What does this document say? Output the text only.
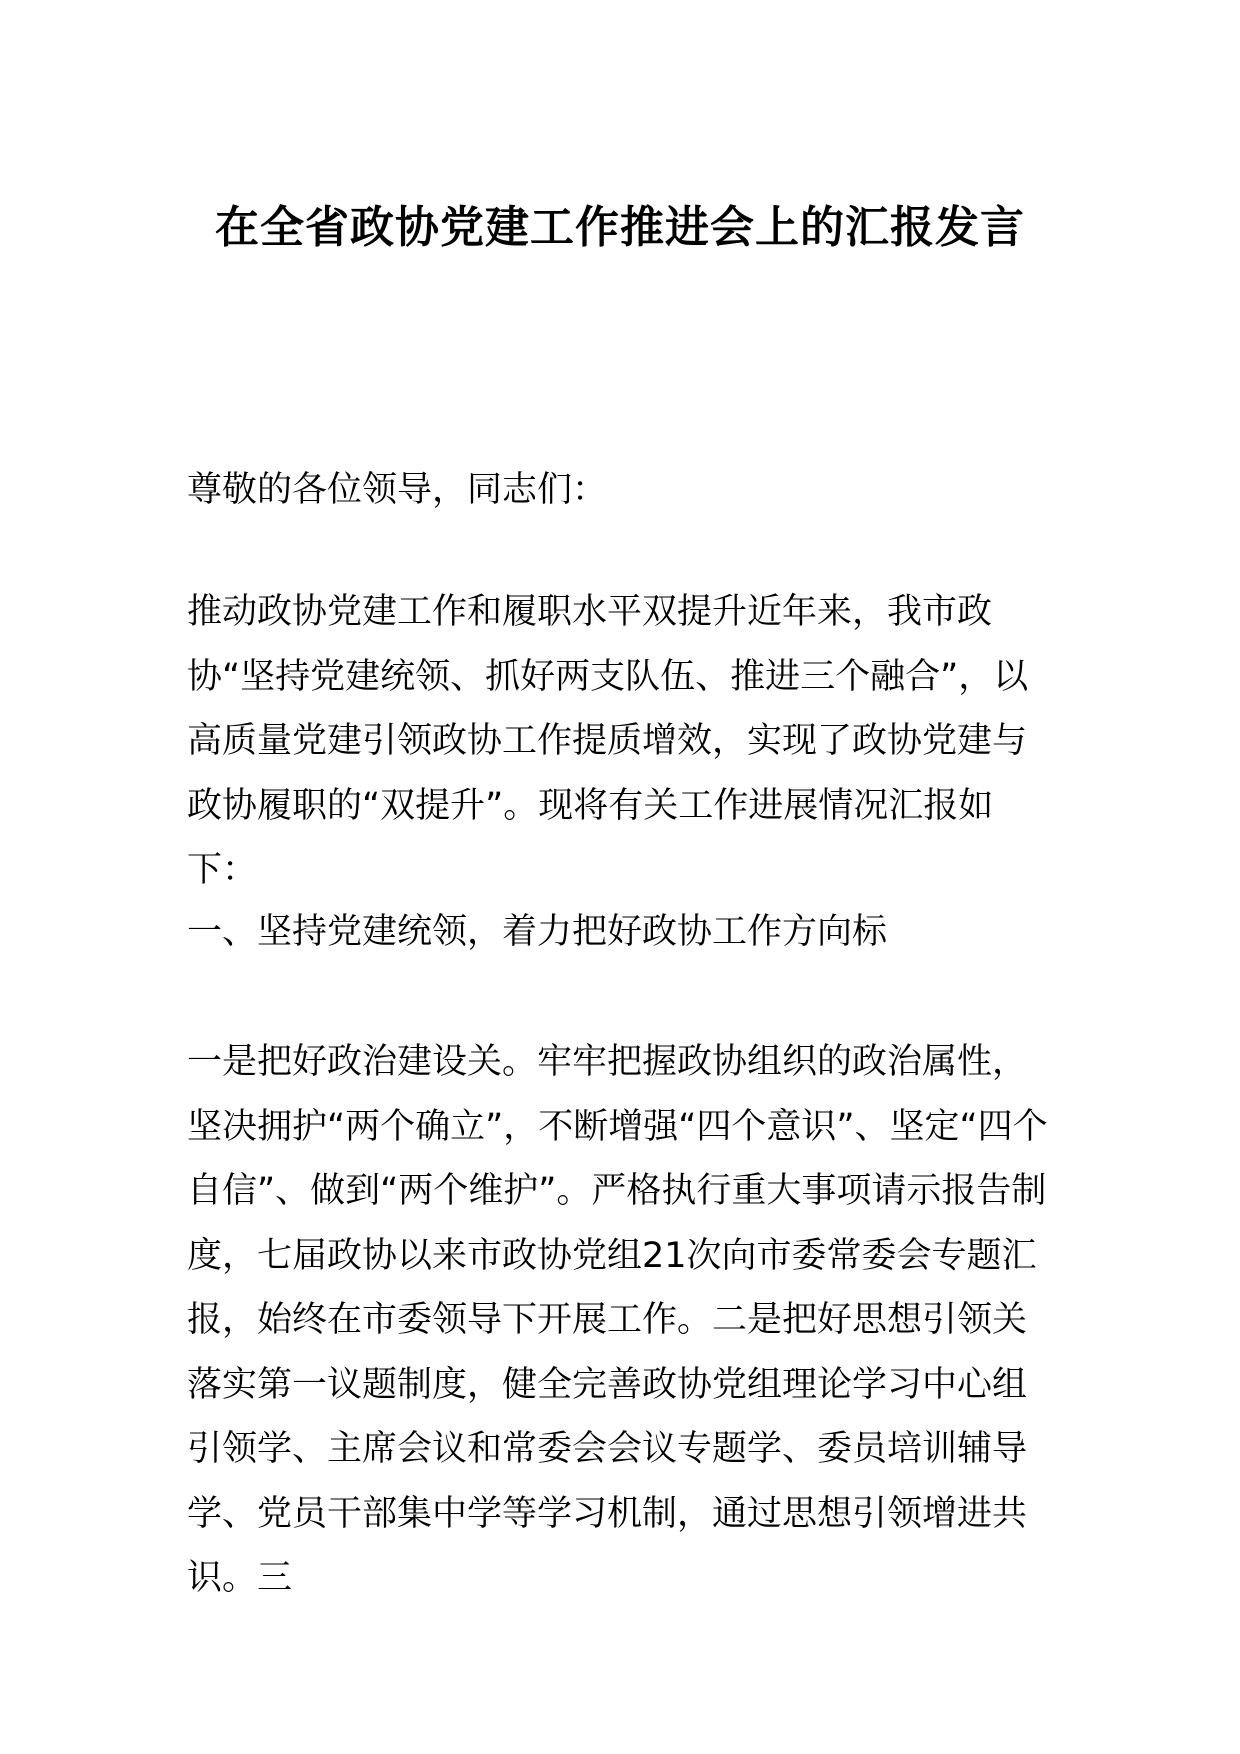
在全省政协党建工作推进会上的汇报发言

尊敬的各位领导，同志们：

推动政协党建工作和履职水平双提升近年来，我市政协“坚持党建统领、抓好两支队伍、推进三个融合”，以高质量党建引领政协工作提质增效，实现了政协党建与政协履职的“双提升”。现将有关工作进展情况汇报如下：

一、坚持党建统领，着力把好政协工作方向标

一是把好政治建设关。牢牢把握政协组织的政治属性，坚决拥护“两个确立”，不断增强“四个意识”、坚定“四个自信”、做到“两个维护”。严格执行重大事项请示报告制度，七届政协以来市政协党组21次向市委常委会专题汇报，始终在市委领导下开展工作。二是把好思想引领关落实第一议题制度，健全完善政协党组理论学习中心组引领学、主席会议和常委会会议专题学、委员培训辅导学、党员干部集中学等学习机制，通过思想引领增进共识。三
